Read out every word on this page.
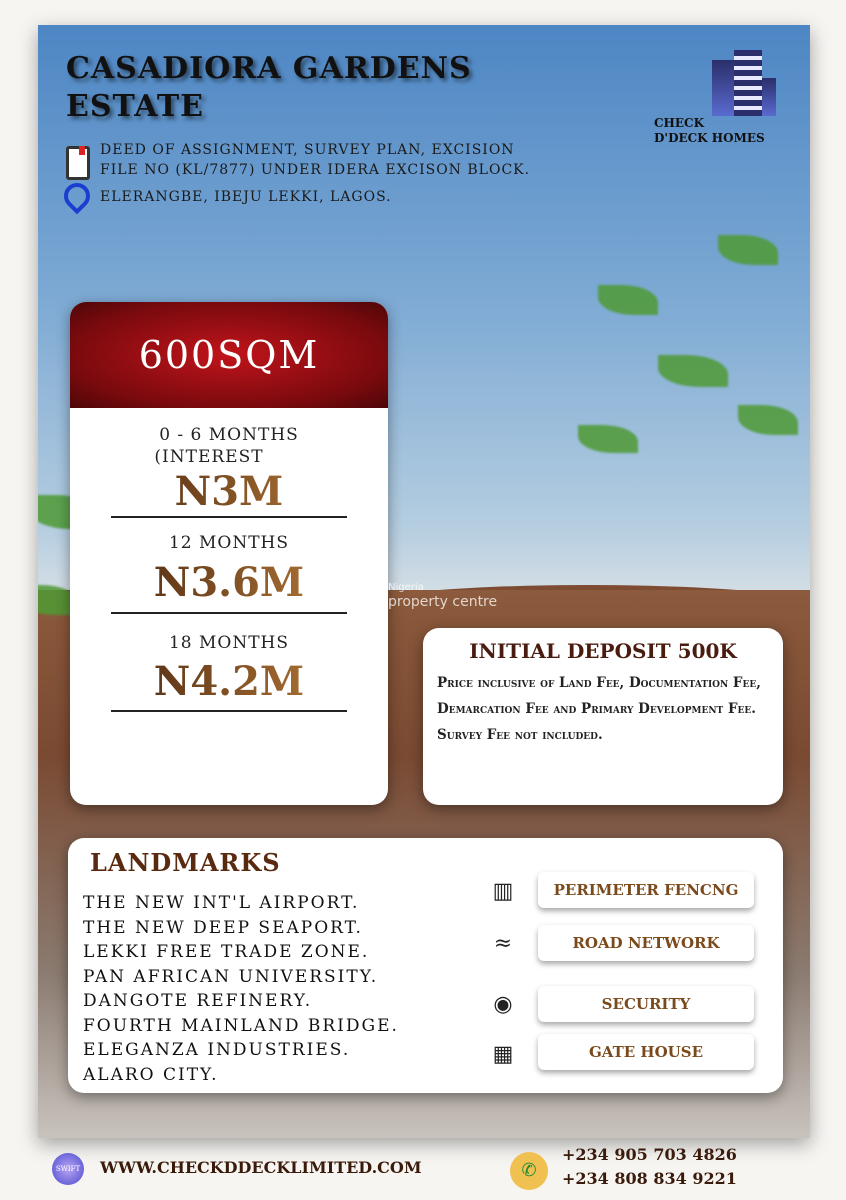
Nigeria
property centre
CASADIORA GARDENS
ESTATE
DEED OF ASSIGNMENT, SURVEY PLAN, EXCISION
FILE NO (KL/7877) UNDER IDERA EXCISON BLOCK.
ELERANGBE, IBEJU LEKKI, LAGOS.
CHECK
D'DECK HOMES
600SQM
0 - 6 MONTHS
(INTEREST
N3M
12 MONTHS
N3.6M
18 MONTHS
N4.2M
INITIAL DEPOSIT 500K

Price inclusive of Land Fee, Documentation Fee, Demarcation Fee and Primary Development Fee. Survey Fee not included.

LANDMARKS
THE NEW INT'L AIRPORT.
THE NEW DEEP SEAPORT.
LEKKI FREE TRADE ZONE.
PAN AFRICAN UNIVERSITY.
DANGOTE REFINERY.
FOURTH MAINLAND BRIDGE.
ELEGANZA INDUSTRIES.
ALARO CITY.
▥	PERIMETER FENCNG
≈	ROAD NETWORK
◉	SECURITY
▦	GATE HOUSE
SWIFT WWW.CHECKDDECKLIMITED.COM	✆
+234 905 703 4826
+234 808 834 9221
